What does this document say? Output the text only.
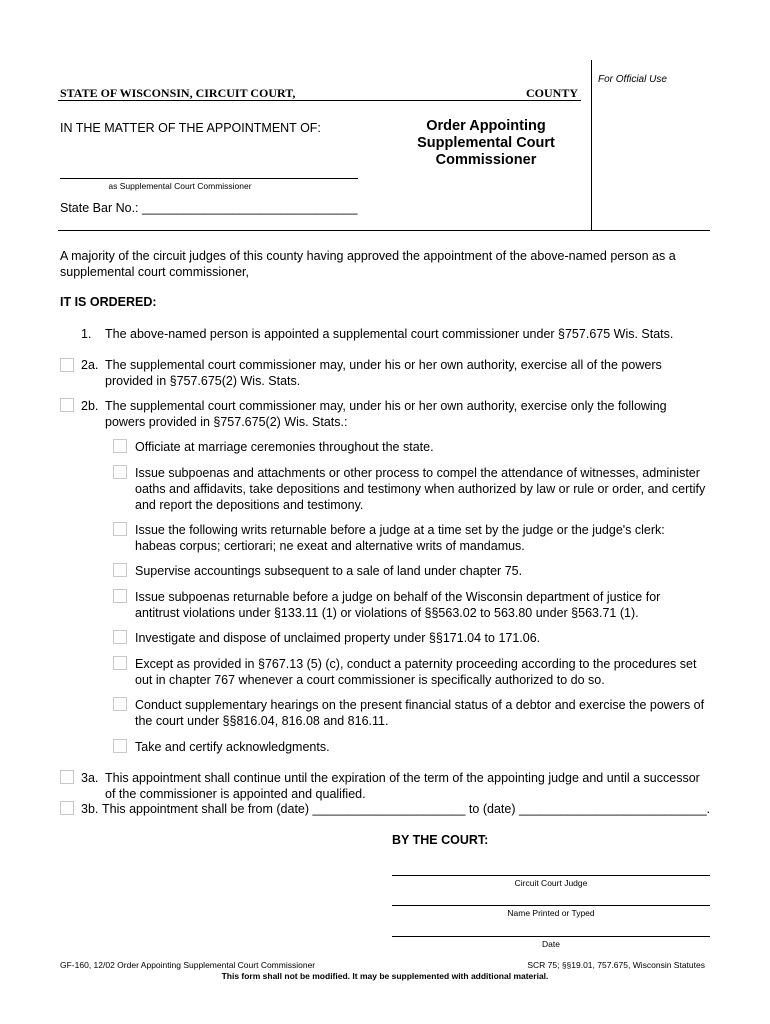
For Official Use
STATE OF WISCONSIN, CIRCUIT COURT,	COUNTY
IN THE MATTER OF THE APPOINTMENT OF:	Order Appointing
Supplemental Court
Commissioner
as Supplemental Court Commissioner
State Bar No.: _______________________________
A majority of the circuit judges of this county having approved the appointment of the above-named person as a
supplemental court commissioner,
IT IS ORDERED:
1. The above-named person is appointed a supplemental court commissioner under §757.675 Wis. Stats.
2a. The supplemental court commissioner may, under his or her own authority, exercise all of the powers
provided in §757.675(2) Wis. Stats.
2b. The supplemental court commissioner may, under his or her own authority, exercise only the following
powers provided in §757.675(2) Wis. Stats.:
Officiate at marriage ceremonies throughout the state.
Issue subpoenas and attachments or other process to compel the attendance of witnesses, administer
oaths and affidavits, take depositions and testimony when authorized by law or rule or order, and certify
and report the depositions and testimony.
Issue the following writs returnable before a judge at a time set by the judge or the judge's clerk:
habeas corpus; certiorari; ne exeat and alternative writs of mandamus.
Supervise accountings subsequent to a sale of land under chapter 75.
Issue subpoenas returnable before a judge on behalf of the Wisconsin department of justice for
antitrust violations under §133.11 (1) or violations of §§563.02 to 563.80 under §563.71 (1).
Investigate and dispose of unclaimed property under §§171.04 to 171.06.
Except as provided in §767.13 (5) (c), conduct a paternity proceeding according to the procedures set
out in chapter 767 whenever a court commissioner is specifically authorized to do so.
Conduct supplementary hearings on the present financial status of a debtor and exercise the powers of
the court under §§816.04, 816.08 and 816.11.
Take and certify acknowledgments.
3a. This appointment shall continue until the expiration of the term of the appointing judge and until a successor
of the commissioner is appointed and qualified.
3b. This appointment shall be from (date) ______________________ to (date) ___________________________.
BY THE COURT:
Circuit Court Judge
Name Printed or Typed
Date
GF-160, 12/02 Order Appointing Supplemental Court Commissioner	SCR 75; §§19.01, 757.675, Wisconsin Statutes
This form shall not be modified. It may be supplemented with additional material.
